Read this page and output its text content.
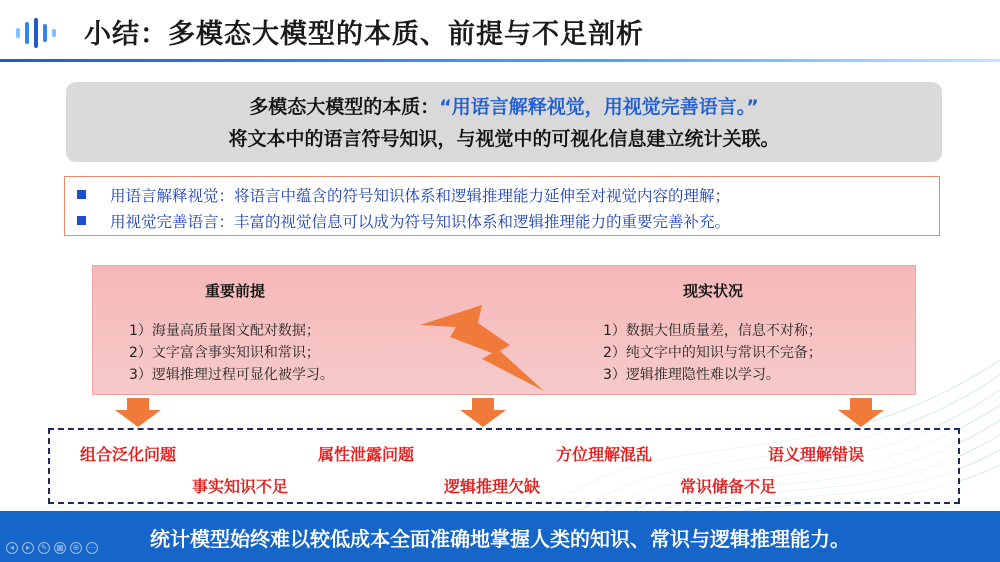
小结：多模态大模型的本质、前提与不足剖析
多模态大模型的本质：“用语言解释视觉，用视觉完善语言。”
将文本中的语言符号知识，与视觉中的可视化信息建立统计关联。
用语言解释视觉：将语言中蕴含的符号知识体系和逻辑推理能力延伸至对视觉内容的理解；
用视觉完善语言：丰富的视觉信息可以成为符号知识体系和逻辑推理能力的重要完善补充。
重要前提
1）海量高质量图文配对数据；
2）文字富含事实知识和常识；
3）逻辑推理过程可显化被学习。
现实状况
1）数据大但质量差，信息不对称；
2）纯文字中的知识与常识不完备；
3）逻辑推理隐性难以学习。
组合泛化问题	属性泄露问题	方位理解混乱	语义理解错误
事实知识不足	逻辑推理欠缺	常识储备不足
统计模型始终难以较低成本全面准确地掌握人类的知识、常识与逻辑推理能力。
◂	▸	✎	▦	⊕	⋯
